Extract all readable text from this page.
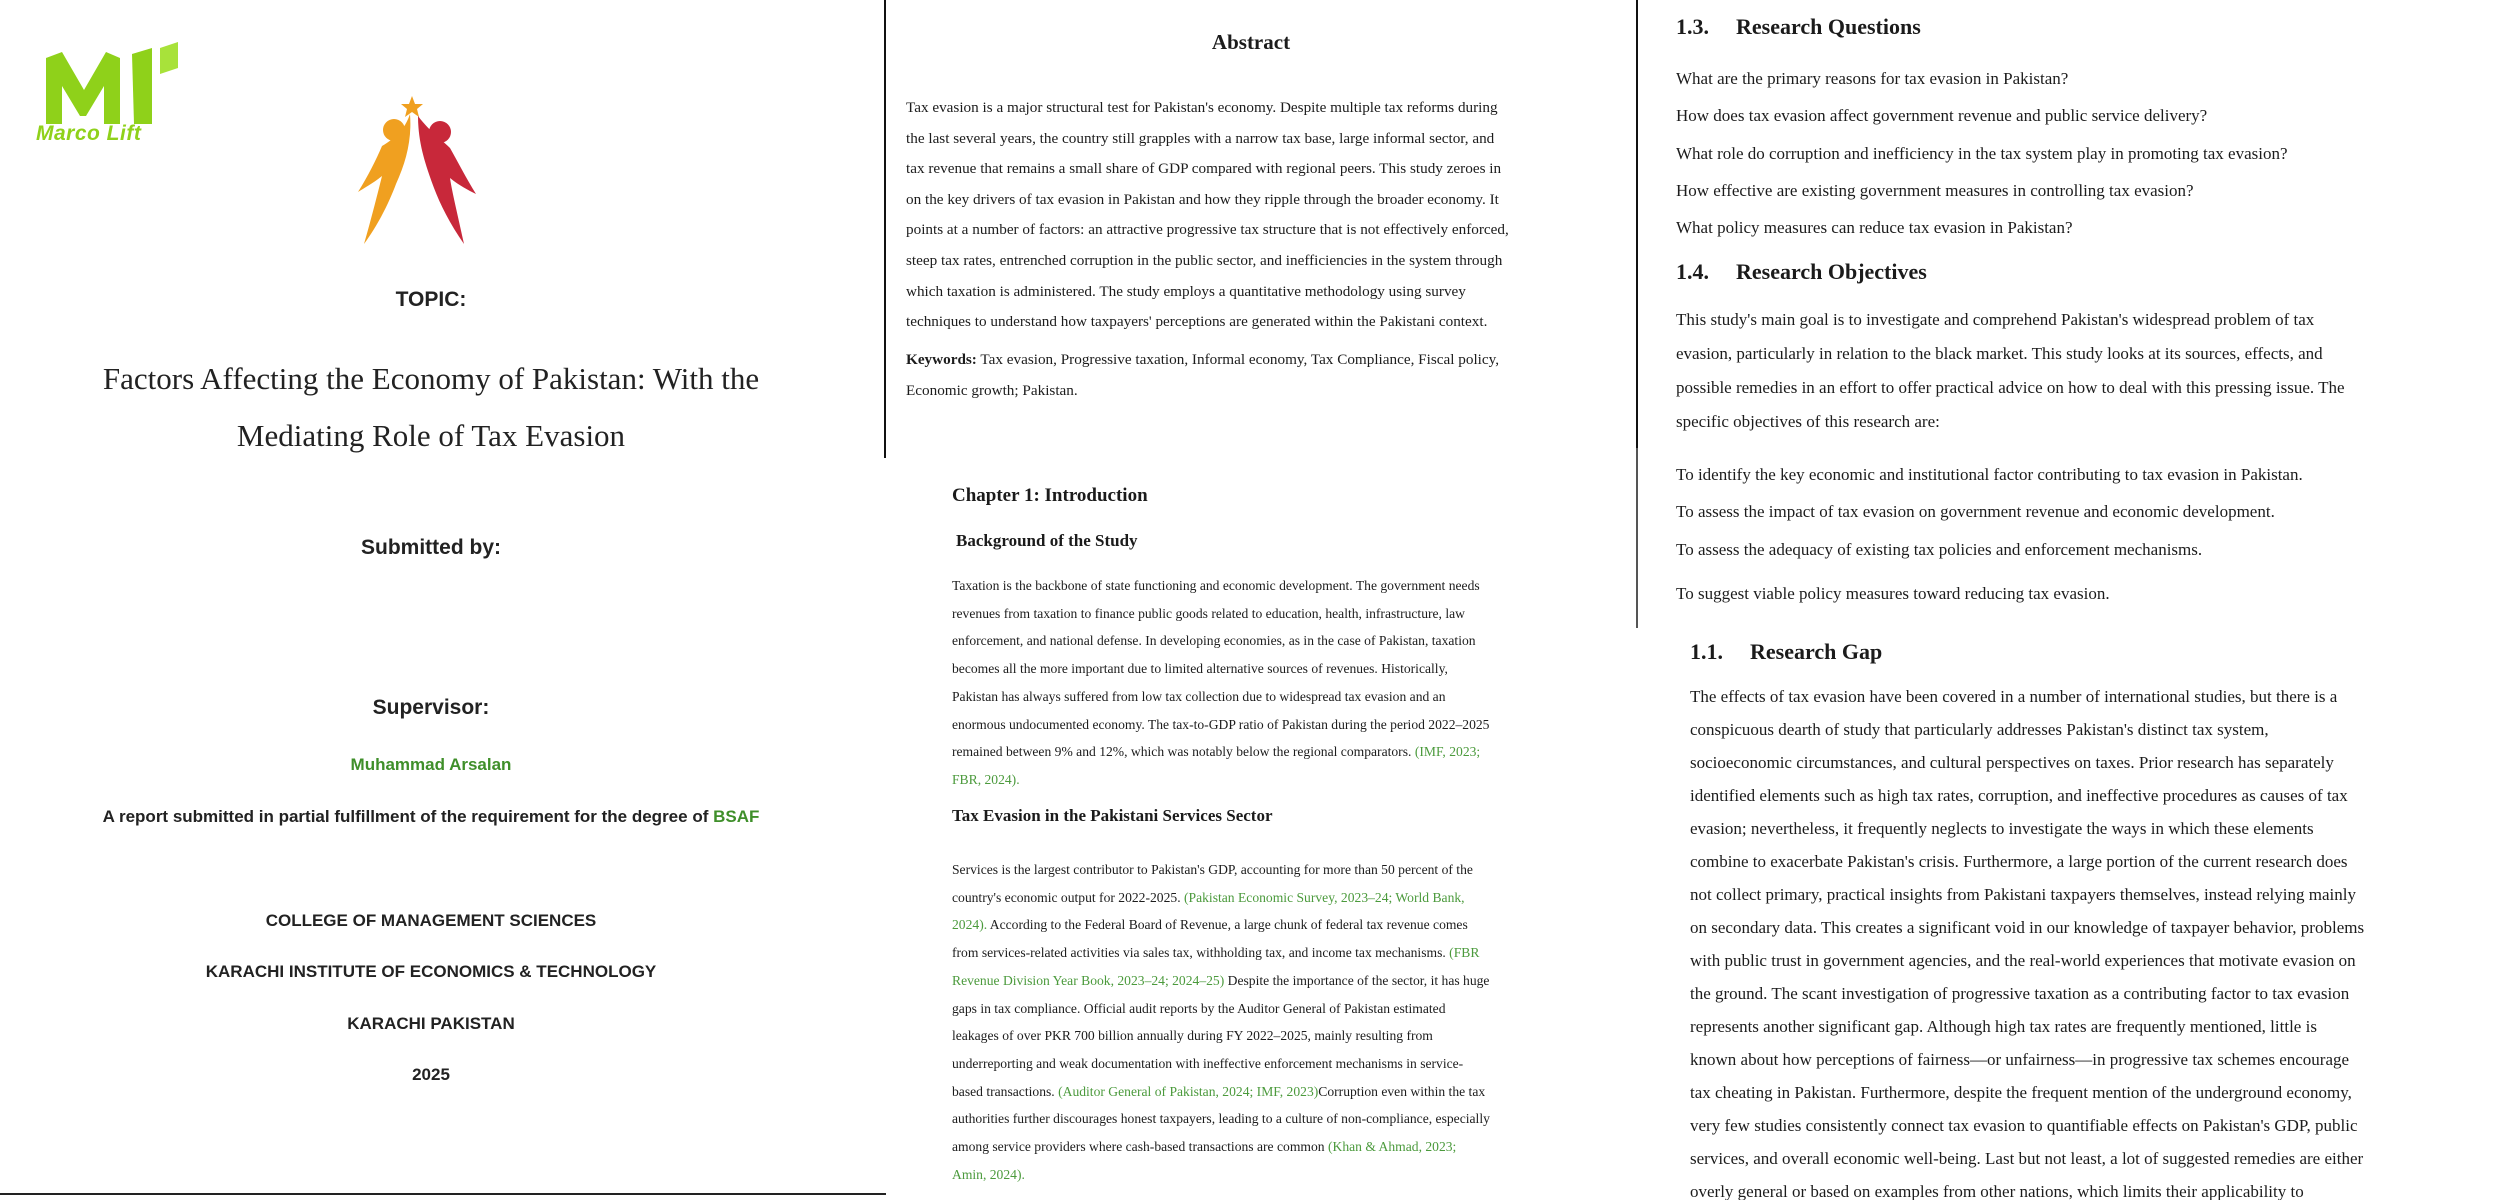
Marco Lift
TOPIC:
Factors Affecting the Economy of Pakistan: With the
Mediating Role of Tax Evasion
Submitted by:
Supervisor:
Muhammad Arsalan
A report submitted in partial fulfillment of the requirement for the degree of BSAF
COLLEGE OF MANAGEMENT SCIENCES
KARACHI INSTITUTE OF ECONOMICS & TECHNOLOGY
KARACHI PAKISTAN
2025
Abstract
Tax evasion is a major structural test for Pakistan's economy. Despite multiple tax reforms during
the last several years, the country still grapples with a narrow tax base, large informal sector, and
tax revenue that remains a small share of GDP compared with regional peers. This study zeroes in
on the key drivers of tax evasion in Pakistan and how they ripple through the broader economy. It
points at a number of factors: an attractive progressive tax structure that is not effectively enforced,
steep tax rates, entrenched corruption in the public sector, and inefficiencies in the system through
which taxation is administered. The study employs a quantitative methodology using survey
techniques to understand how taxpayers' perceptions are generated within the Pakistani context.
Keywords: Tax evasion, Progressive taxation, Informal economy, Tax Compliance, Fiscal policy,
Economic growth; Pakistan.
Chapter 1: Introduction
Background of the Study
Taxation is the backbone of state functioning and economic development. The government needs
revenues from taxation to finance public goods related to education, health, infrastructure, law
enforcement, and national defense. In developing economies, as in the case of Pakistan, taxation
becomes all the more important due to limited alternative sources of revenues. Historically,
Pakistan has always suffered from low tax collection due to widespread tax evasion and an
enormous undocumented economy. The tax-to-GDP ratio of Pakistan during the period 2022–2025
remained between 9% and 12%, which was notably below the regional comparators. (IMF, 2023;
FBR, 2024).
Tax Evasion in the Pakistani Services Sector
Services is the largest contributor to Pakistan's GDP, accounting for more than 50 percent of the
country's economic output for 2022-2025. (Pakistan Economic Survey, 2023–24; World Bank,
2024). According to the Federal Board of Revenue, a large chunk of federal tax revenue comes
from services-related activities via sales tax, withholding tax, and income tax mechanisms. (FBR
Revenue Division Year Book, 2023–24; 2024–25) Despite the importance of the sector, it has huge
gaps in tax compliance. Official audit reports by the Auditor General of Pakistan estimated
leakages of over PKR 700 billion annually during FY 2022–2025, mainly resulting from
underreporting and weak documentation with ineffective enforcement mechanisms in service-
based transactions. (Auditor General of Pakistan, 2024; IMF, 2023)Corruption even within the tax
authorities further discourages honest taxpayers, leading to a culture of non-compliance, especially
among service providers where cash-based transactions are common (Khan & Ahmad, 2023;
Amin, 2024).
1.3. Research Questions
What are the primary reasons for tax evasion in Pakistan?
How does tax evasion affect government revenue and public service delivery?
What role do corruption and inefficiency in the tax system play in promoting tax evasion?
How effective are existing government measures in controlling tax evasion?
What policy measures can reduce tax evasion in Pakistan?
1.4. Research Objectives
This study's main goal is to investigate and comprehend Pakistan's widespread problem of tax
evasion, particularly in relation to the black market. This study looks at its sources, effects, and
possible remedies in an effort to offer practical advice on how to deal with this pressing issue. The
specific objectives of this research are:
To identify the key economic and institutional factor contributing to tax evasion in Pakistan.
To assess the impact of tax evasion on government revenue and economic development.
To assess the adequacy of existing tax policies and enforcement mechanisms.
To suggest viable policy measures toward reducing tax evasion.
1.1. Research Gap
The effects of tax evasion have been covered in a number of international studies, but there is a
conspicuous dearth of study that particularly addresses Pakistan's distinct tax system,
socioeconomic circumstances, and cultural perspectives on taxes. Prior research has separately
identified elements such as high tax rates, corruption, and ineffective procedures as causes of tax
evasion; nevertheless, it frequently neglects to investigate the ways in which these elements
combine to exacerbate Pakistan's crisis. Furthermore, a large portion of the current research does
not collect primary, practical insights from Pakistani taxpayers themselves, instead relying mainly
on secondary data. This creates a significant void in our knowledge of taxpayer behavior, problems
with public trust in government agencies, and the real-world experiences that motivate evasion on
the ground. The scant investigation of progressive taxation as a contributing factor to tax evasion
represents another significant gap. Although high tax rates are frequently mentioned, little is
known about how perceptions of fairness—or unfairness—in progressive tax schemes encourage
tax cheating in Pakistan. Furthermore, despite the frequent mention of the underground economy,
very few studies consistently connect tax evasion to quantifiable effects on Pakistan's GDP, public
services, and overall economic well-being. Last but not least, a lot of suggested remedies are either
overly general or based on examples from other nations, which limits their applicability to
